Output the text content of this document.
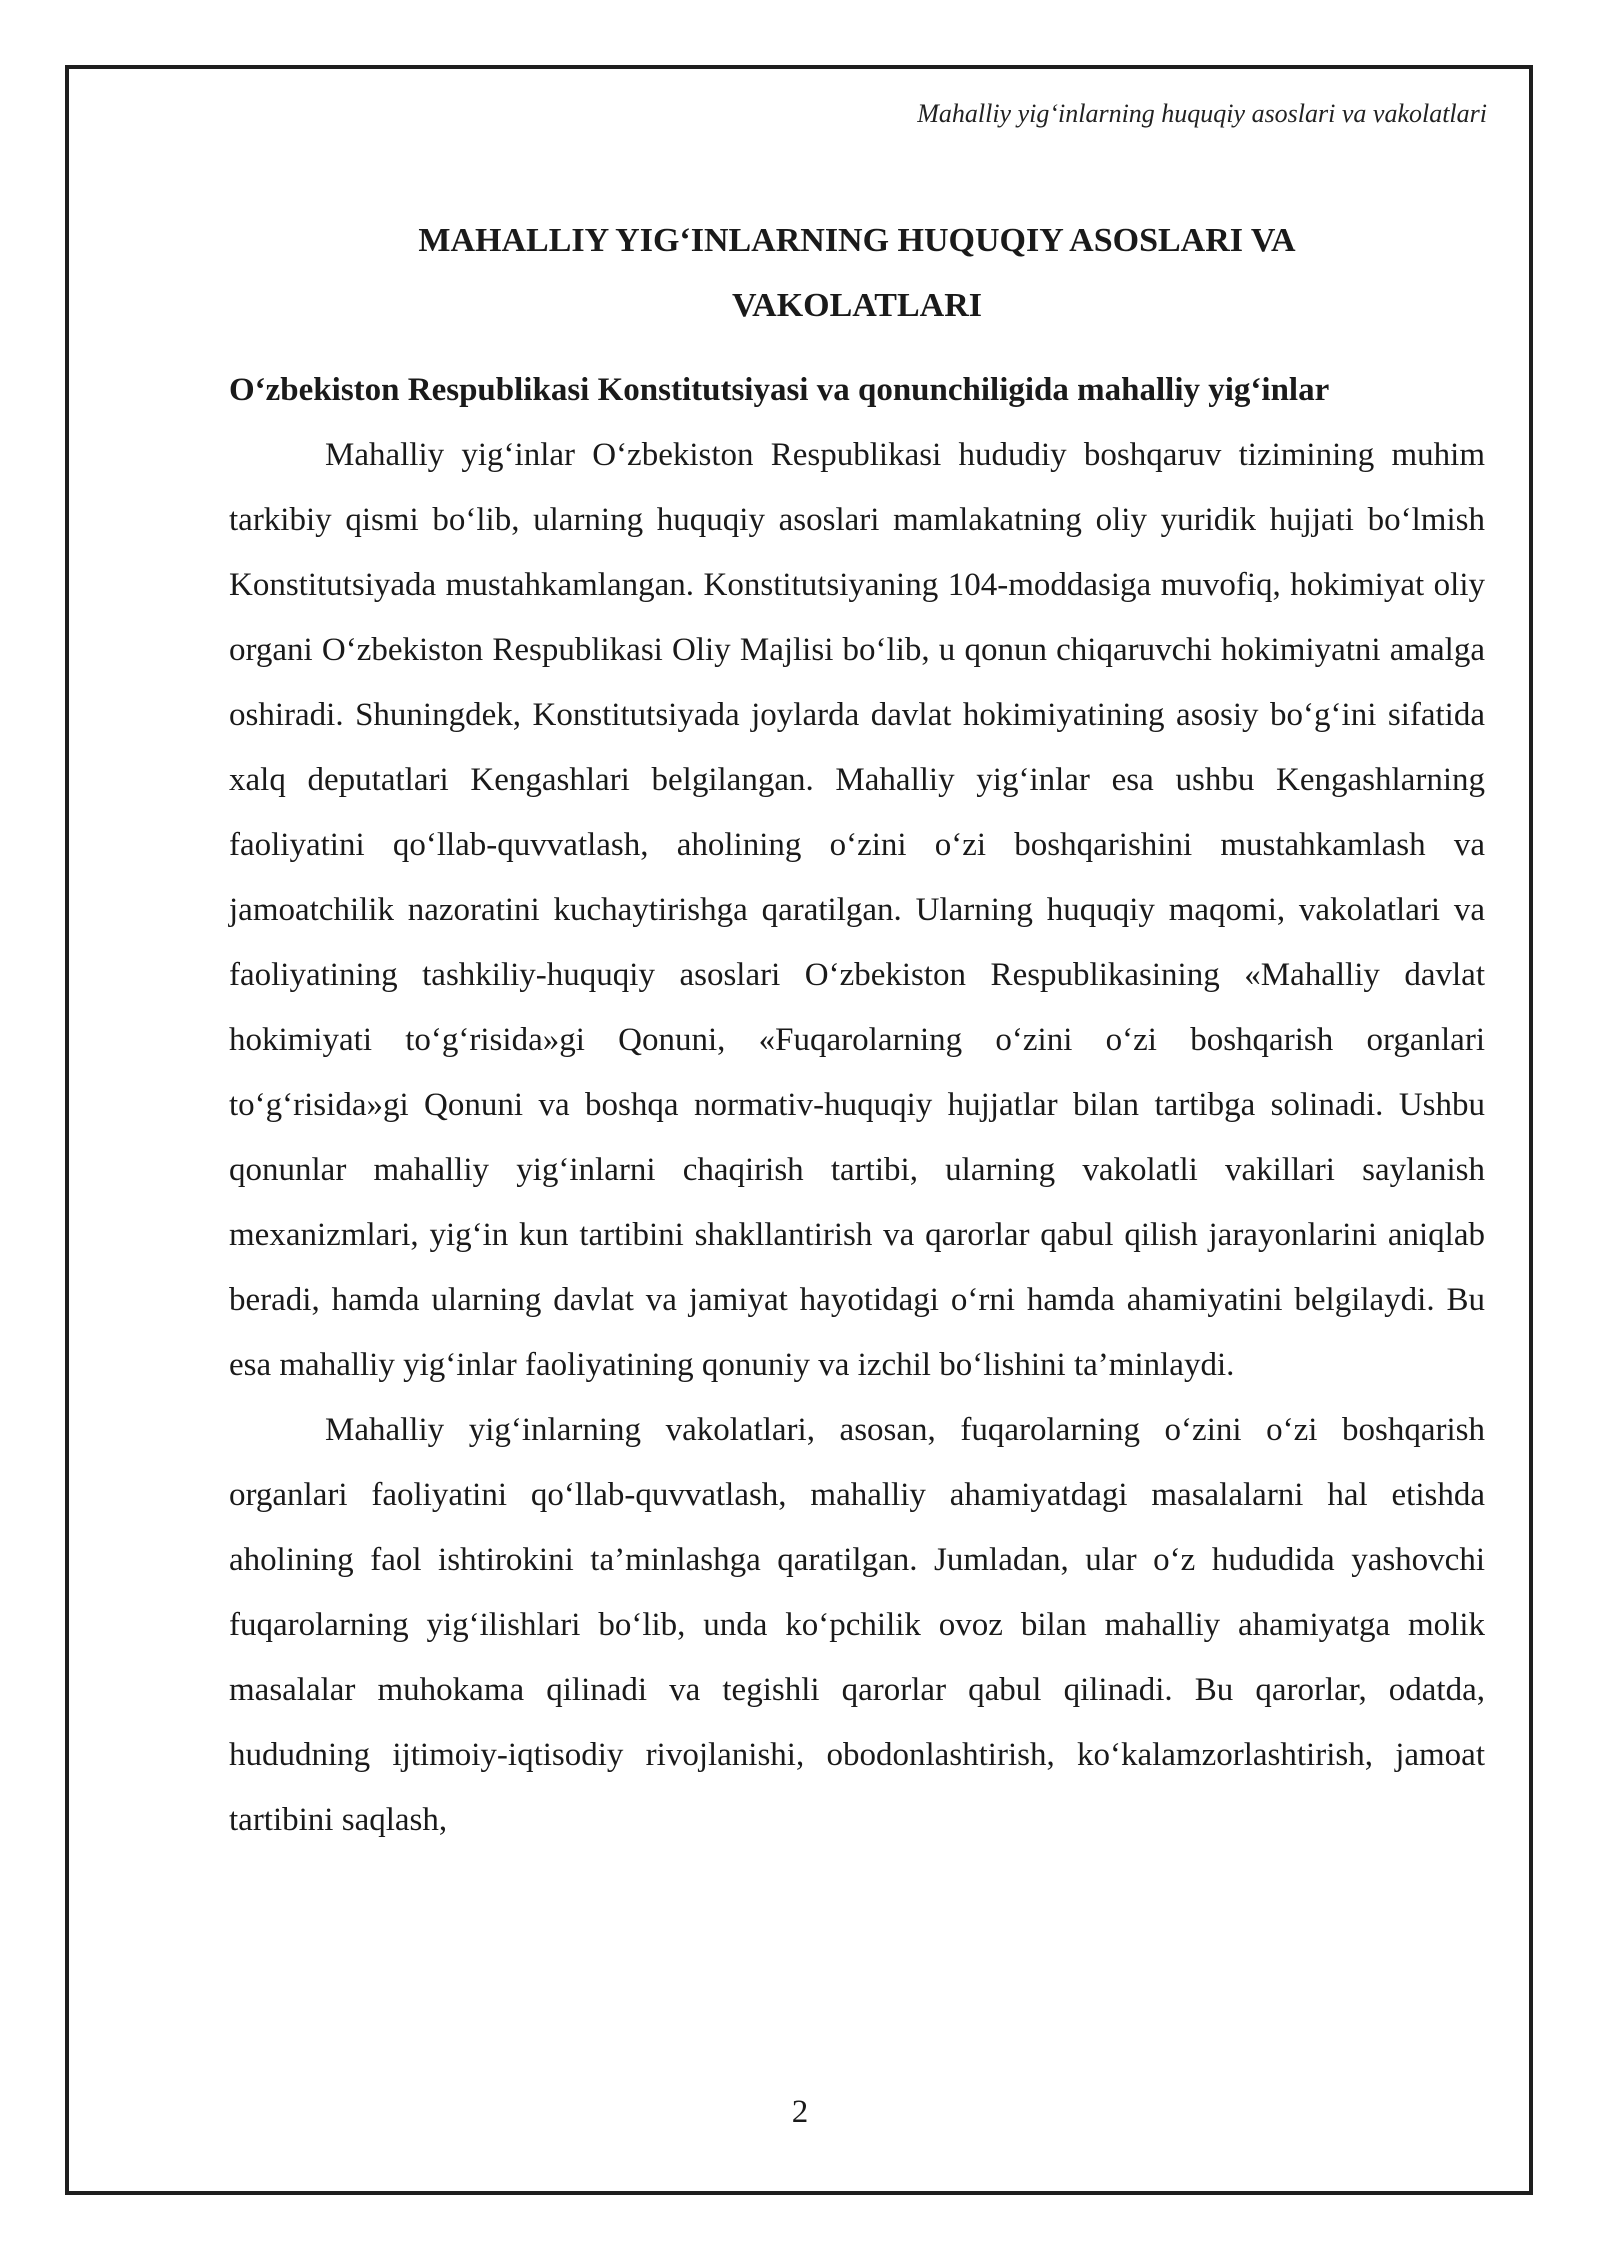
Mahalliy yig‘inlarning huquqiy asoslari va vakolatlari
MAHALLIY YIG‘INLARNING HUQUQIY ASOSLARI VA
VAKOLATLARI
O‘zbekiston Respublikasi Konstitutsiyasi va qonunchiligida mahalliy yig‘inlar

Mahalliy yig‘inlar O‘zbekiston Respublikasi hududiy boshqaruv tizimining muhim tarkibiy qismi bo‘lib, ularning huquqiy asoslari mamlakatning oliy yuridik hujjati bo‘lmish Konstitutsiyada mustahkamlangan. Konstitutsiyaning 104-moddasiga muvofiq, hokimiyat oliy organi O‘zbekiston Respublikasi Oliy Majlisi bo‘lib, u qonun chiqaruvchi hokimiyatni amalga oshiradi. Shuningdek, Konstitutsiyada joylarda davlat hokimiyatining asosiy bo‘g‘ini sifatida xalq deputatlari Kengashlari belgilangan. Mahalliy yig‘inlar esa ushbu Kengashlarning faoliyatini qo‘llab-quvvatlash, aholining o‘zini o‘zi boshqarishini mustahkamlash va jamoatchilik nazoratini kuchaytirishga qaratilgan. Ularning huquqiy maqomi, vakolatlari va faoliyatining tashkiliy-huquqiy asoslari O‘zbekiston Respublikasining «Mahalliy davlat hokimiyati to‘g‘risida»gi Qonuni, «Fuqarolarning o‘zini o‘zi boshqarish organlari to‘g‘risida»gi Qonuni va boshqa normativ-huquqiy hujjatlar bilan tartibga solinadi. Ushbu qonunlar mahalliy yig‘inlarni chaqirish tartibi, ularning vakolatli vakillari saylanish mexanizmlari, yig‘in kun tartibini shakllantirish va qarorlar qabul qilish jarayonlarini aniqlab beradi, hamda ularning davlat va jamiyat hayotidagi o‘rni hamda ahamiyatini belgilaydi. Bu esa mahalliy yig‘inlar faoliyatining qonuniy va izchil bo‘lishini ta’minlaydi.

Mahalliy yig‘inlarning vakolatlari, asosan, fuqarolarning o‘zini o‘zi boshqarish organlari faoliyatini qo‘llab-quvvatlash, mahalliy ahamiyatdagi masalalarni hal etishda aholining faol ishtirokini ta’minlashga qaratilgan. Jumladan, ular o‘z hududida yashovchi fuqarolarning yig‘ilishlari bo‘lib, unda ko‘pchilik ovoz bilan mahalliy ahamiyatga molik masalalar muhokama qilinadi va tegishli qarorlar qabul qilinadi. Bu qarorlar, odatda, hududning ijtimoiy-iqtisodiy rivojlanishi, obodonlashtirish, ko‘kalamzorlashtirish, jamoat tartibini saqlash,

2
